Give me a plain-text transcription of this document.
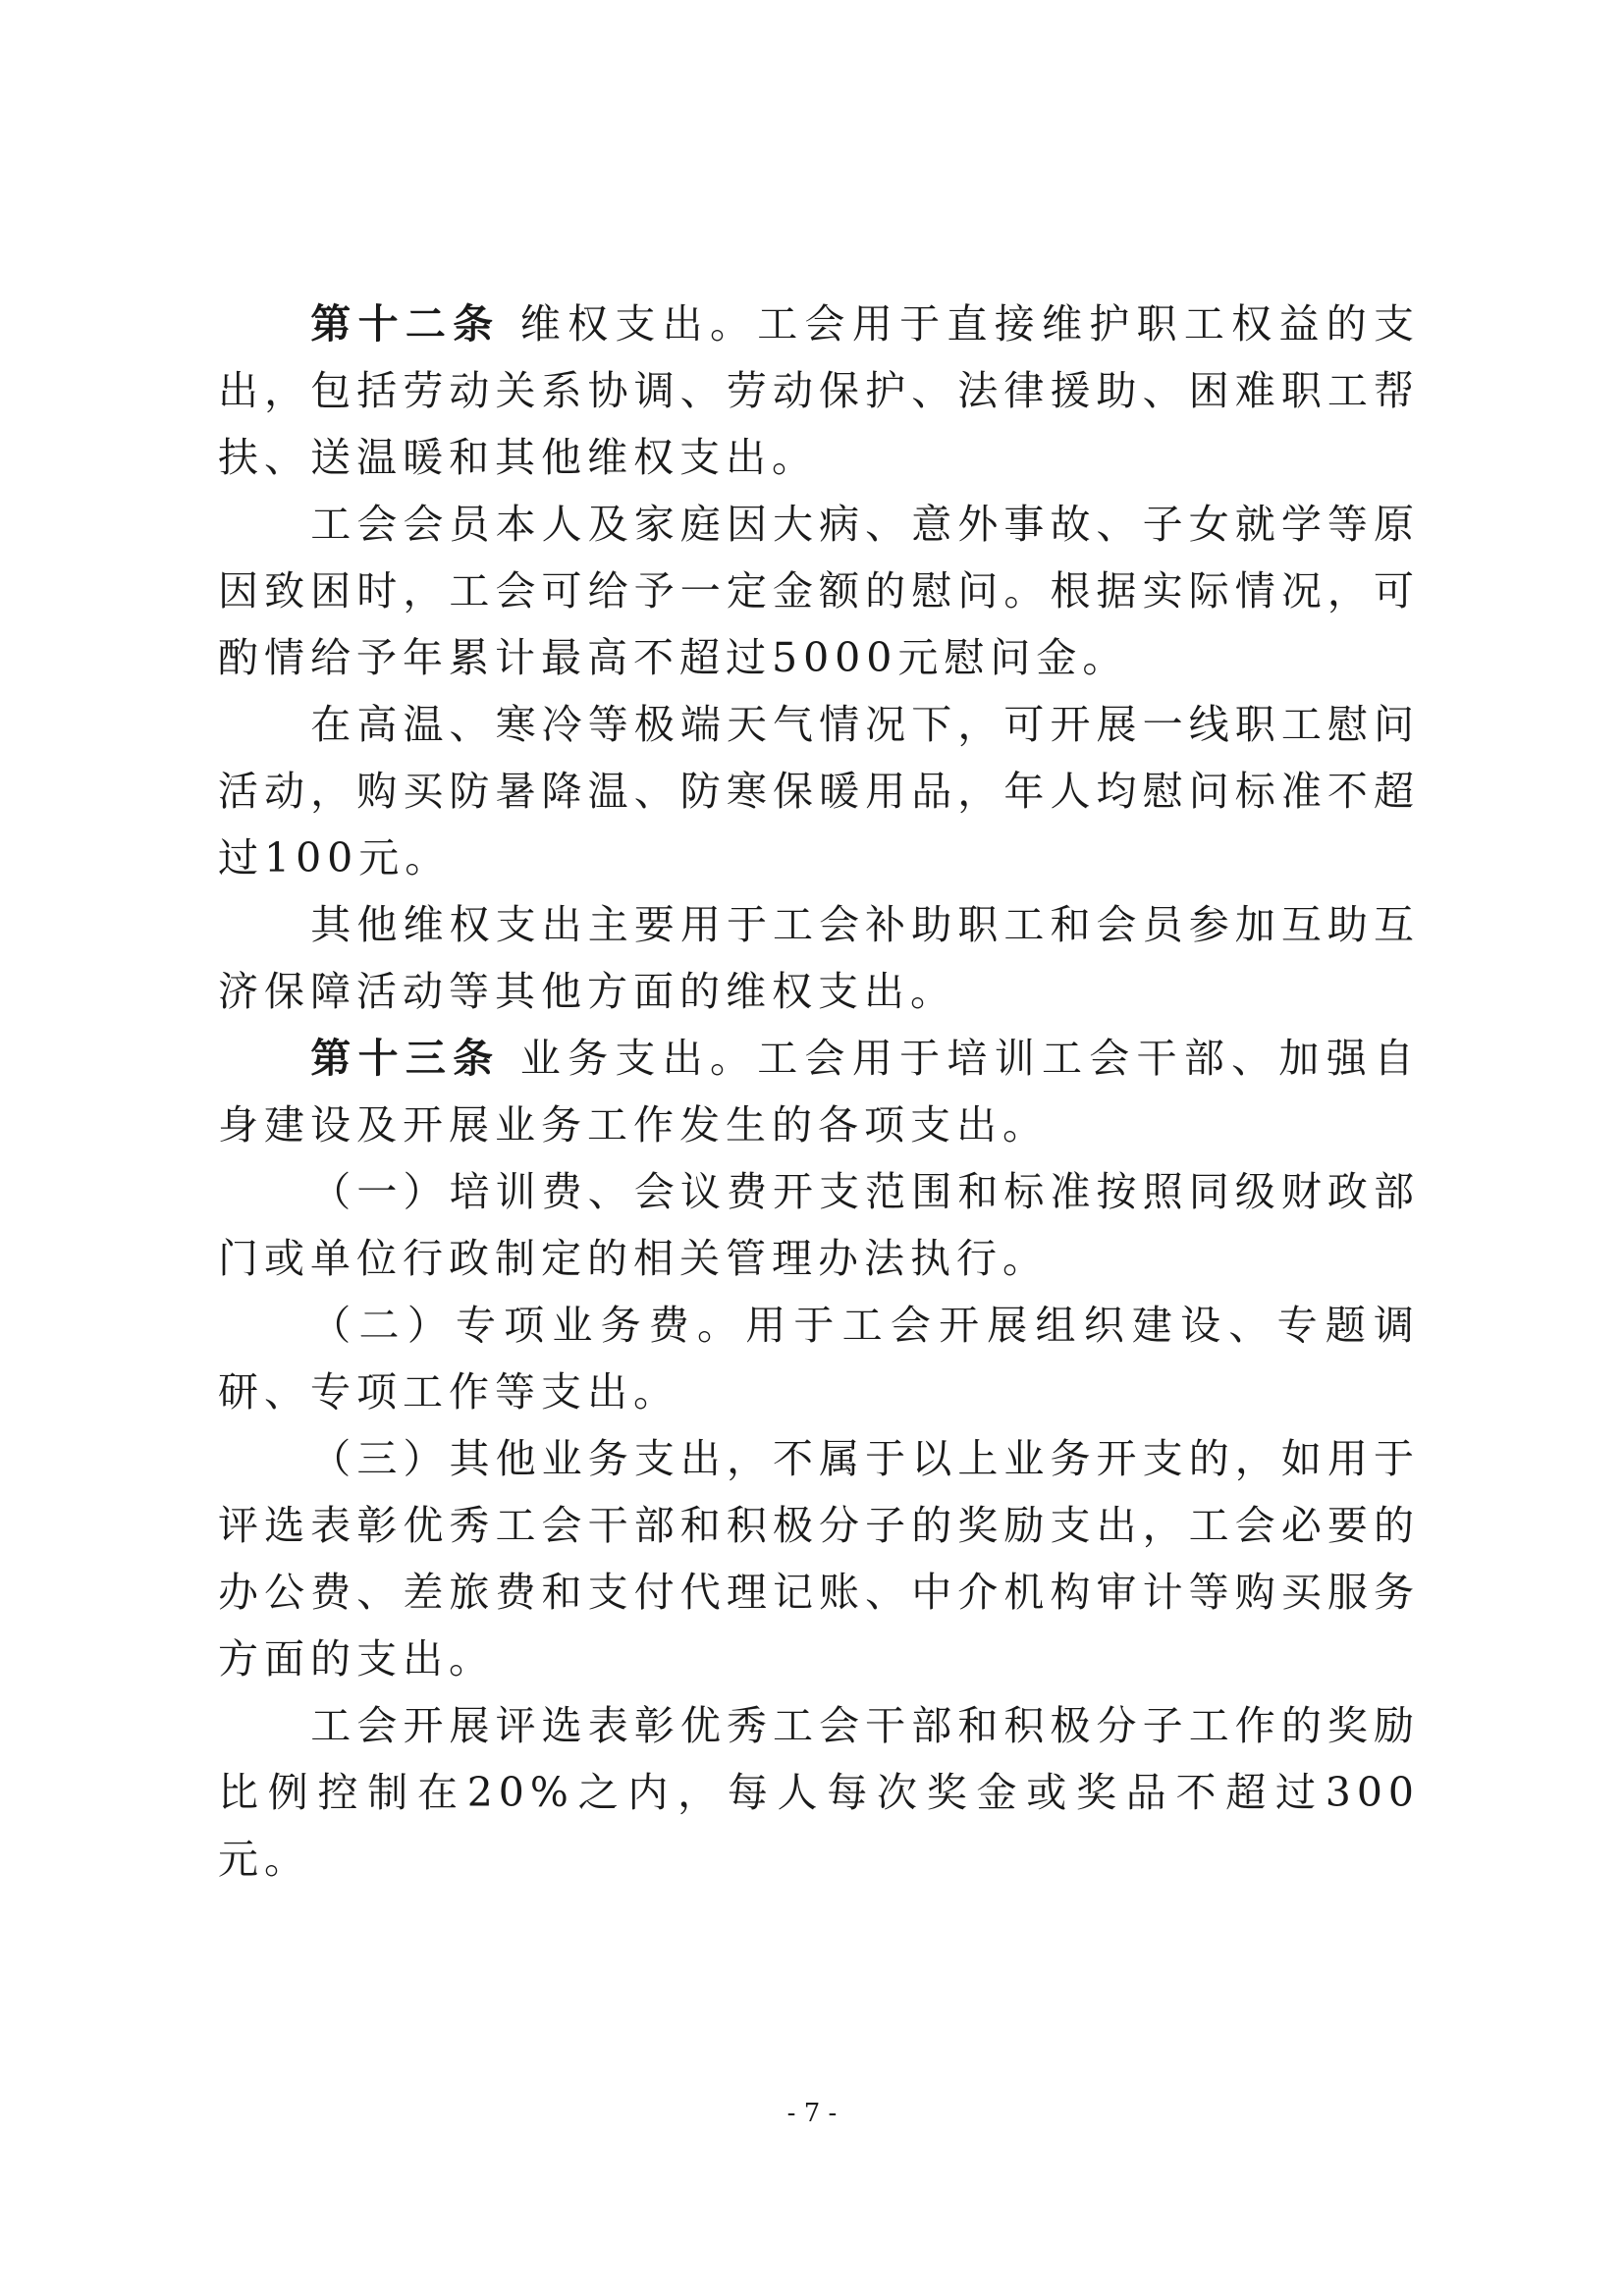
第十二条 维权支出。工会用于直接维护职工权益的支出，包括劳动关系协调、劳动保护、法律援助、困难职工帮扶、送温暖和其他维权支出。

工会会员本人及家庭因大病、意外事故、子女就学等原因致困时，工会可给予一定金额的慰问。根据实际情况，可酌情给予年累计最高不超过5000元慰问金。

在高温、寒冷等极端天气情况下，可开展一线职工慰问活动，购买防暑降温、防寒保暖用品，年人均慰问标准不超过100元。

其他维权支出主要用于工会补助职工和会员参加互助互济保障活动等其他方面的维权支出。

第十三条 业务支出。工会用于培训工会干部、加强自身建设及开展业务工作发生的各项支出。

（一）培训费、会议费开支范围和标准按照同级财政部门或单位行政制定的相关管理办法执行。

（二）专项业务费。用于工会开展组织建设、专题调研、专项工作等支出。

（三）其他业务支出，不属于以上业务开支的，如用于评选表彰优秀工会干部和积极分子的奖励支出，工会必要的办公费、差旅费和支付代理记账、中介机构审计等购买服务方面的支出。

工会开展评选表彰优秀工会干部和积极分子工作的奖励比例控制在20%之内，每人每次奖金或奖品不超过300元。

- 7 -
